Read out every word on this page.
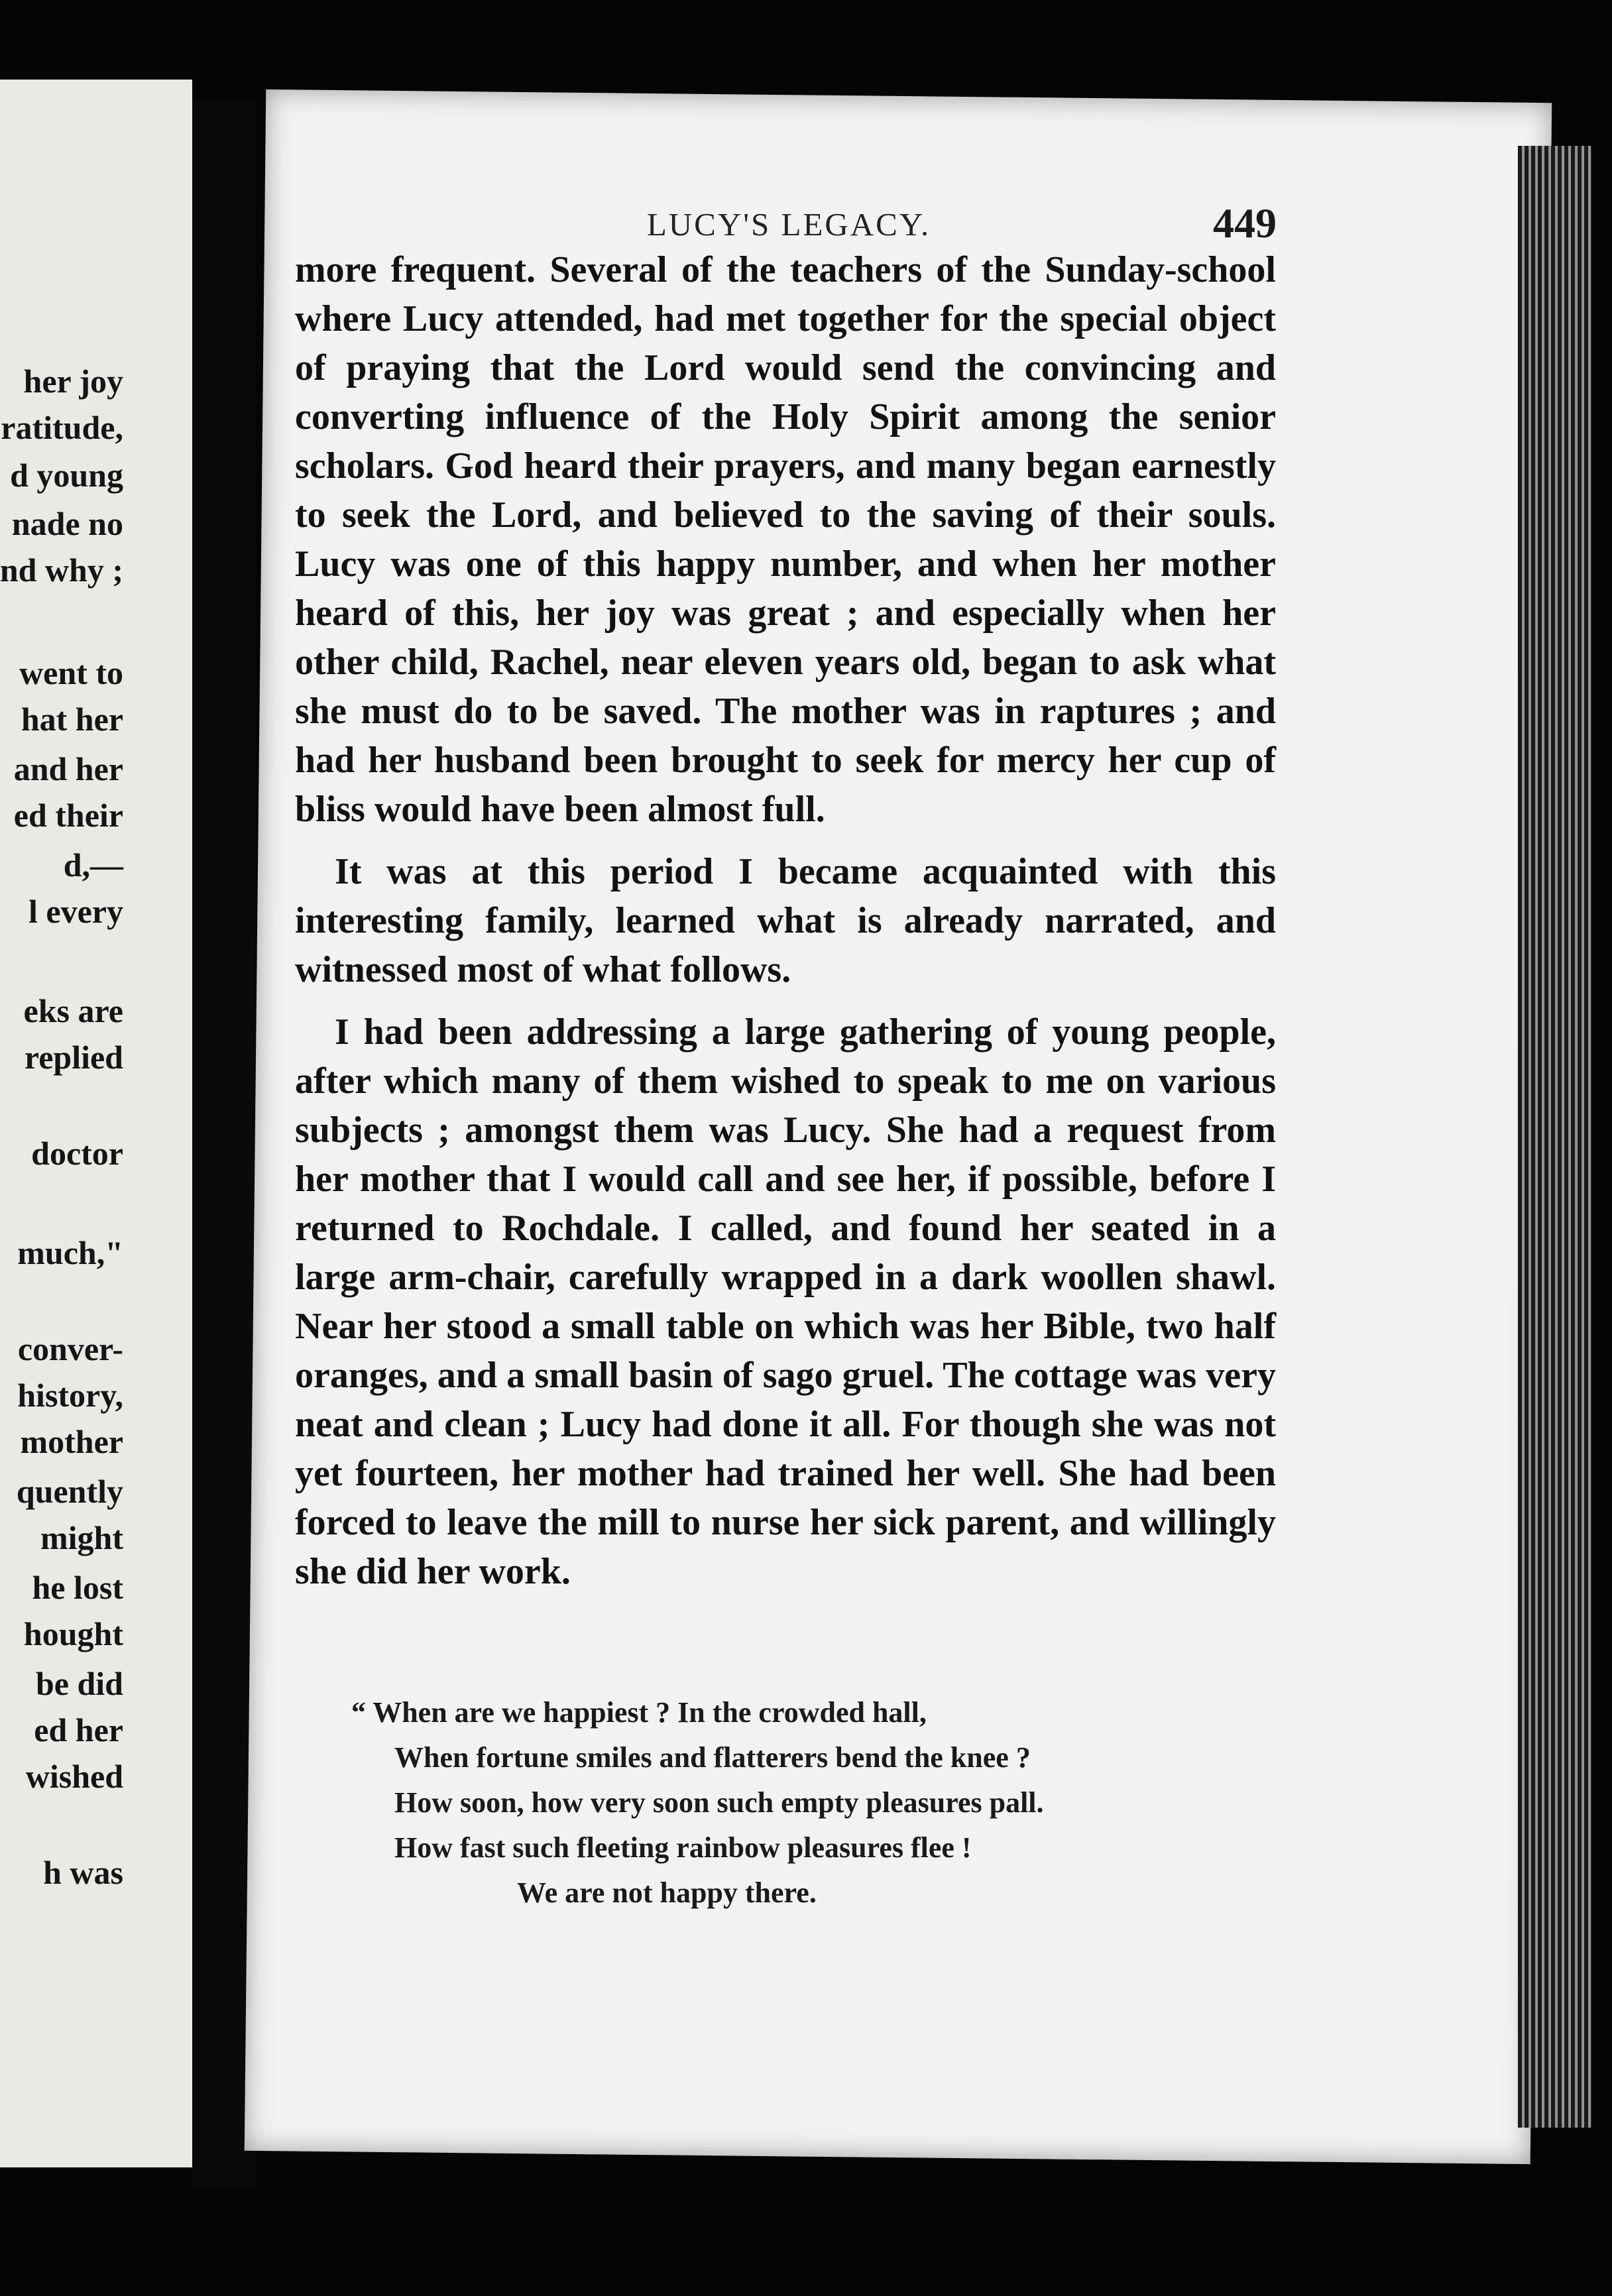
her joy
ratitude,
d young
nade no
nd why ;
went to
hat her
and her
ed their
d,—
l every
eks are
replied
doctor
much,"
conver-
history,
mother
quently
might
he lost
hought
be did
ed her
wished
h was
LUCY'S LEGACY.	449

more frequent. Several of the teachers of the Sunday-school where Lucy attended, had met together for the special object of praying that the Lord would send the convincing and converting influence of the Holy Spirit among the senior scholars. God heard their prayers, and many began earnestly to seek the Lord, and believed to the saving of their souls. Lucy was one of this happy number, and when her mother heard of this, her joy was great ; and especially when her other child, Rachel, near eleven years old, began to ask what she must do to be saved. The mother was in raptures ; and had her husband been brought to seek for mercy her cup of bliss would have been almost full.

It was at this period I became acquainted with this interesting family, learned what is already narrated, and witnessed most of what follows.

I had been addressing a large gathering of young people, after which many of them wished to speak to me on various subjects ; amongst them was Lucy. She had a request from her mother that I would call and see her, if possible, before I returned to Rochdale. I called, and found her seated in a large arm-chair, carefully wrapped in a dark woollen shawl. Near her stood a small table on which was her Bible, two half oranges, and a small basin of sago gruel. The cottage was very neat and clean ; Lucy had done it all. For though she was not yet fourteen, her mother had trained her well. She had been forced to leave the mill to nurse her sick parent, and willingly she did her work.

“ When are we happiest ? In the crowded hall,
When fortune smiles and flatterers bend the knee ?
How soon, how very soon such empty pleasures pall.
How fast such fleeting rainbow pleasures flee !
We are not happy there.
